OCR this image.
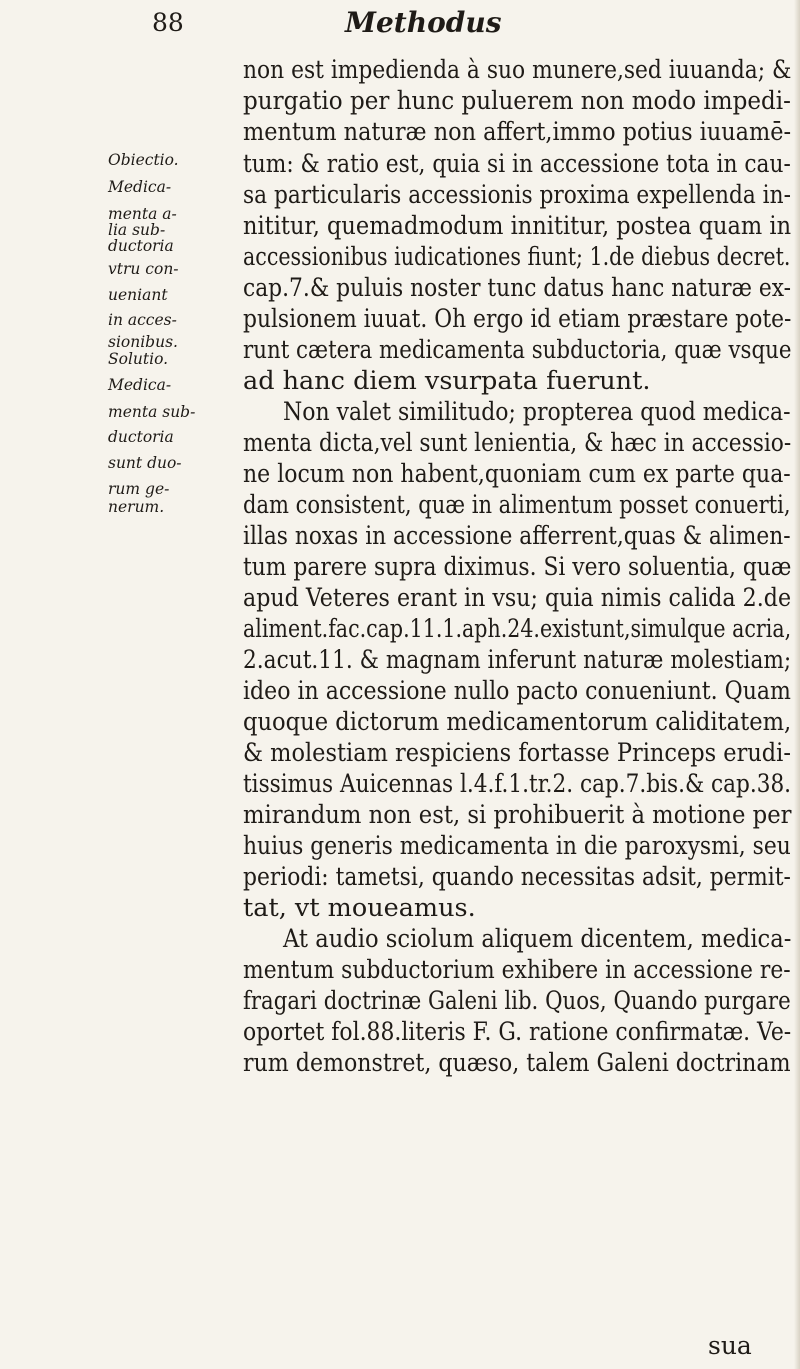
88	Methodus
Obiectio.
Medica-
menta a-
lia sub-
ductoria
vtru con-
ueniant
in acces-
sionibus.
Solutio.
Medica-
menta sub-
ductoria
sunt duo-
rum ge-
nerum.
non est impedienda à suo munere,sed iuuanda; &
purgatio per hunc puluerem non modo impedi-
mentum naturæ non affert,immo potius iuuamē-
tum: & ratio est, quia si in accessione tota in cau-
sa particularis accessionis proxima expellenda in-
nititur, quemadmodum innititur, postea quam in
accessionibus iudicationes fiunt; 1.de diebus decret.
cap.7.& puluis noster tunc datus hanc naturæ ex-
pulsionem iuuat. Oh ergo id etiam præstare pote-
runt cætera medicamenta subductoria, quæ vsque
ad hanc diem vsurpata fuerunt.
Non valet similitudo; propterea quod medica-
menta dicta,vel sunt lenientia, & hæc in accessio-
ne locum non habent,quoniam cum ex parte qua-
dam consistent, quæ in alimentum posset conuerti,
illas noxas in accessione afferrent,quas & alimen-
tum parere supra diximus. Si vero soluentia, quæ
apud Veteres erant in vsu; quia nimis calida 2.de
aliment.fac.cap.11.1.aph.24.existunt,simulque acria,
2.acut.11. & magnam inferunt naturæ molestiam;
ideo in accessione nullo pacto conueniunt. Quam
quoque dictorum medicamentorum caliditatem,
& molestiam respiciens fortasse Princeps erudi-
tissimus Auicennas l.4.f.1.tr.2. cap.7.bis.& cap.38.
mirandum non est, si prohibuerit à motione per
huius generis medicamenta in die paroxysmi, seu
periodi: tametsi, quando necessitas adsit, permit-
tat, vt moueamus.
At audio sciolum aliquem dicentem, medica-
mentum subductorium exhibere in accessione re-
fragari doctrinæ Galeni lib. Quos, Quando purgare
oportet fol.88.literis F. G. ratione confirmatæ. Ve-
rum demonstret, quæso, talem Galeni doctrinam
sua
